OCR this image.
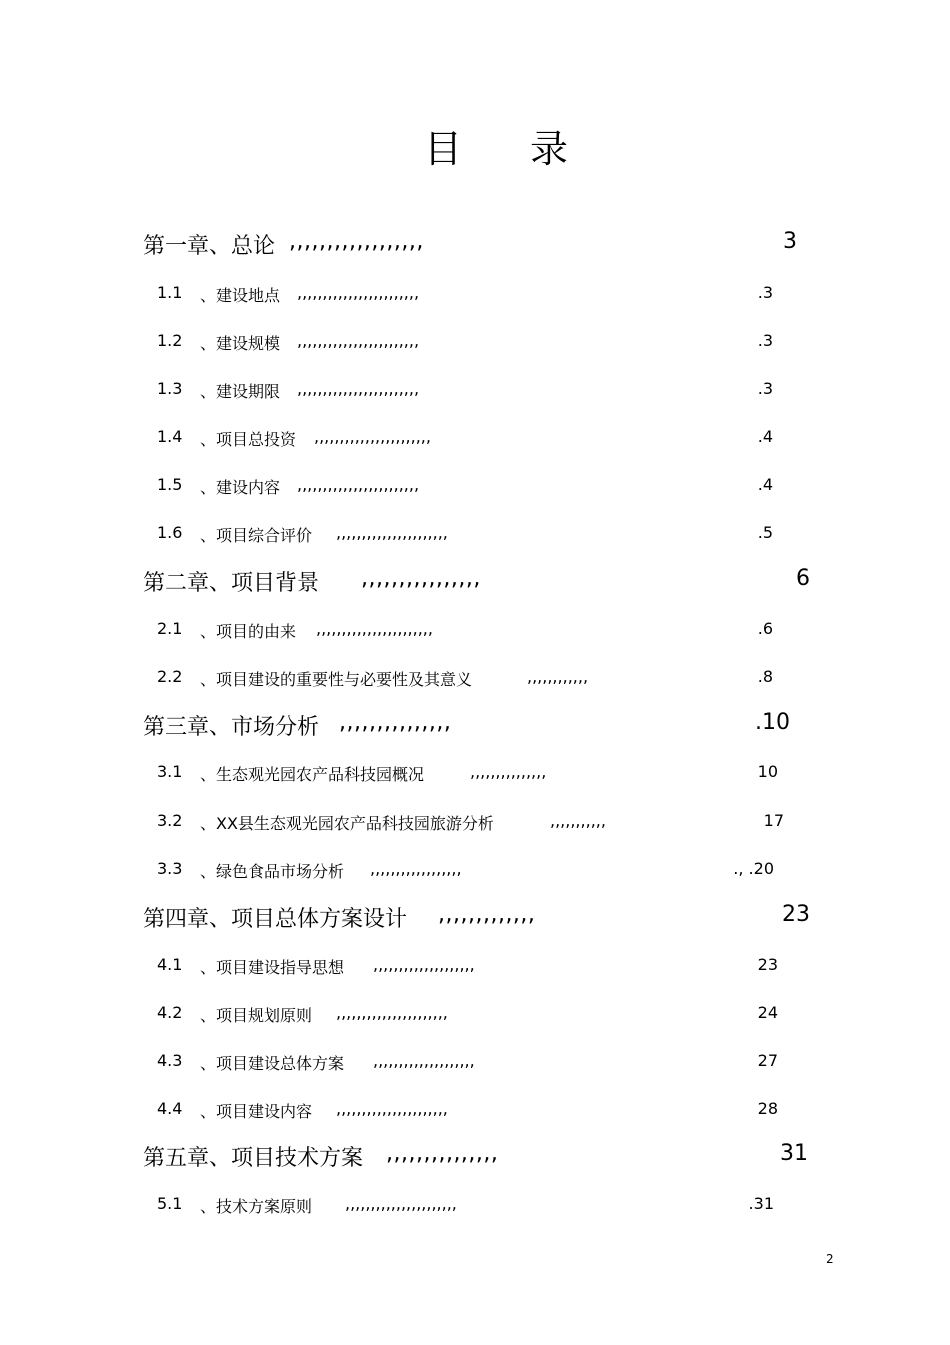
目 录
第一章、总论 ,,,,,,,,,,,,,,,,,,	3
1.1 、建设地点 ,,,,,,,,,,,,,,,,,,,,,,,,	.3
1.2 、建设规模 ,,,,,,,,,,,,,,,,,,,,,,,,	.3
1.3 、建设期限 ,,,,,,,,,,,,,,,,,,,,,,,,	.3
1.4 、项目总投资 ,,,,,,,,,,,,,,,,,,,,,,,	.4
1.5 、建设内容 ,,,,,,,,,,,,,,,,,,,,,,,,	.4
1.6 、项目综合评价 ,,,,,,,,,,,,,,,,,,,,,,	.5
第二章、项目背景 ,,,,,,,,,,,,,,,,	6
2.1 、项目的由来 ,,,,,,,,,,,,,,,,,,,,,,,	.6
2.2 、项目建设的重要性与必要性及其意义	,,,,,,,,,,,,	.8
第三章、市场分析 ,,,,,,,,,,,,,,,	.10
3.1 、生态观光园农产品科技园概况	,,,,,,,,,,,,,,,	10
3.2 、XX县生态观光园农产品科技园旅游分析	,,,,,,,,,,,	17
3.3 、绿色食品市场分析 ,,,,,,,,,,,,,,,,,,	., .20
第四章、项目总体方案设计 ,,,,,,,,,,,,,	23
4.1 、项目建设指导思想 ,,,,,,,,,,,,,,,,,,,,	23
4.2 、项目规划原则 ,,,,,,,,,,,,,,,,,,,,,,	24
4.3 、项目建设总体方案 ,,,,,,,,,,,,,,,,,,,,	27
4.4 、项目建设内容 ,,,,,,,,,,,,,,,,,,,,,,	28
第五章、项目技术方案 ,,,,,,,,,,,,,,,	31
5.1 、技术方案原则 ,,,,,,,,,,,,,,,,,,,,,,	.31
2
